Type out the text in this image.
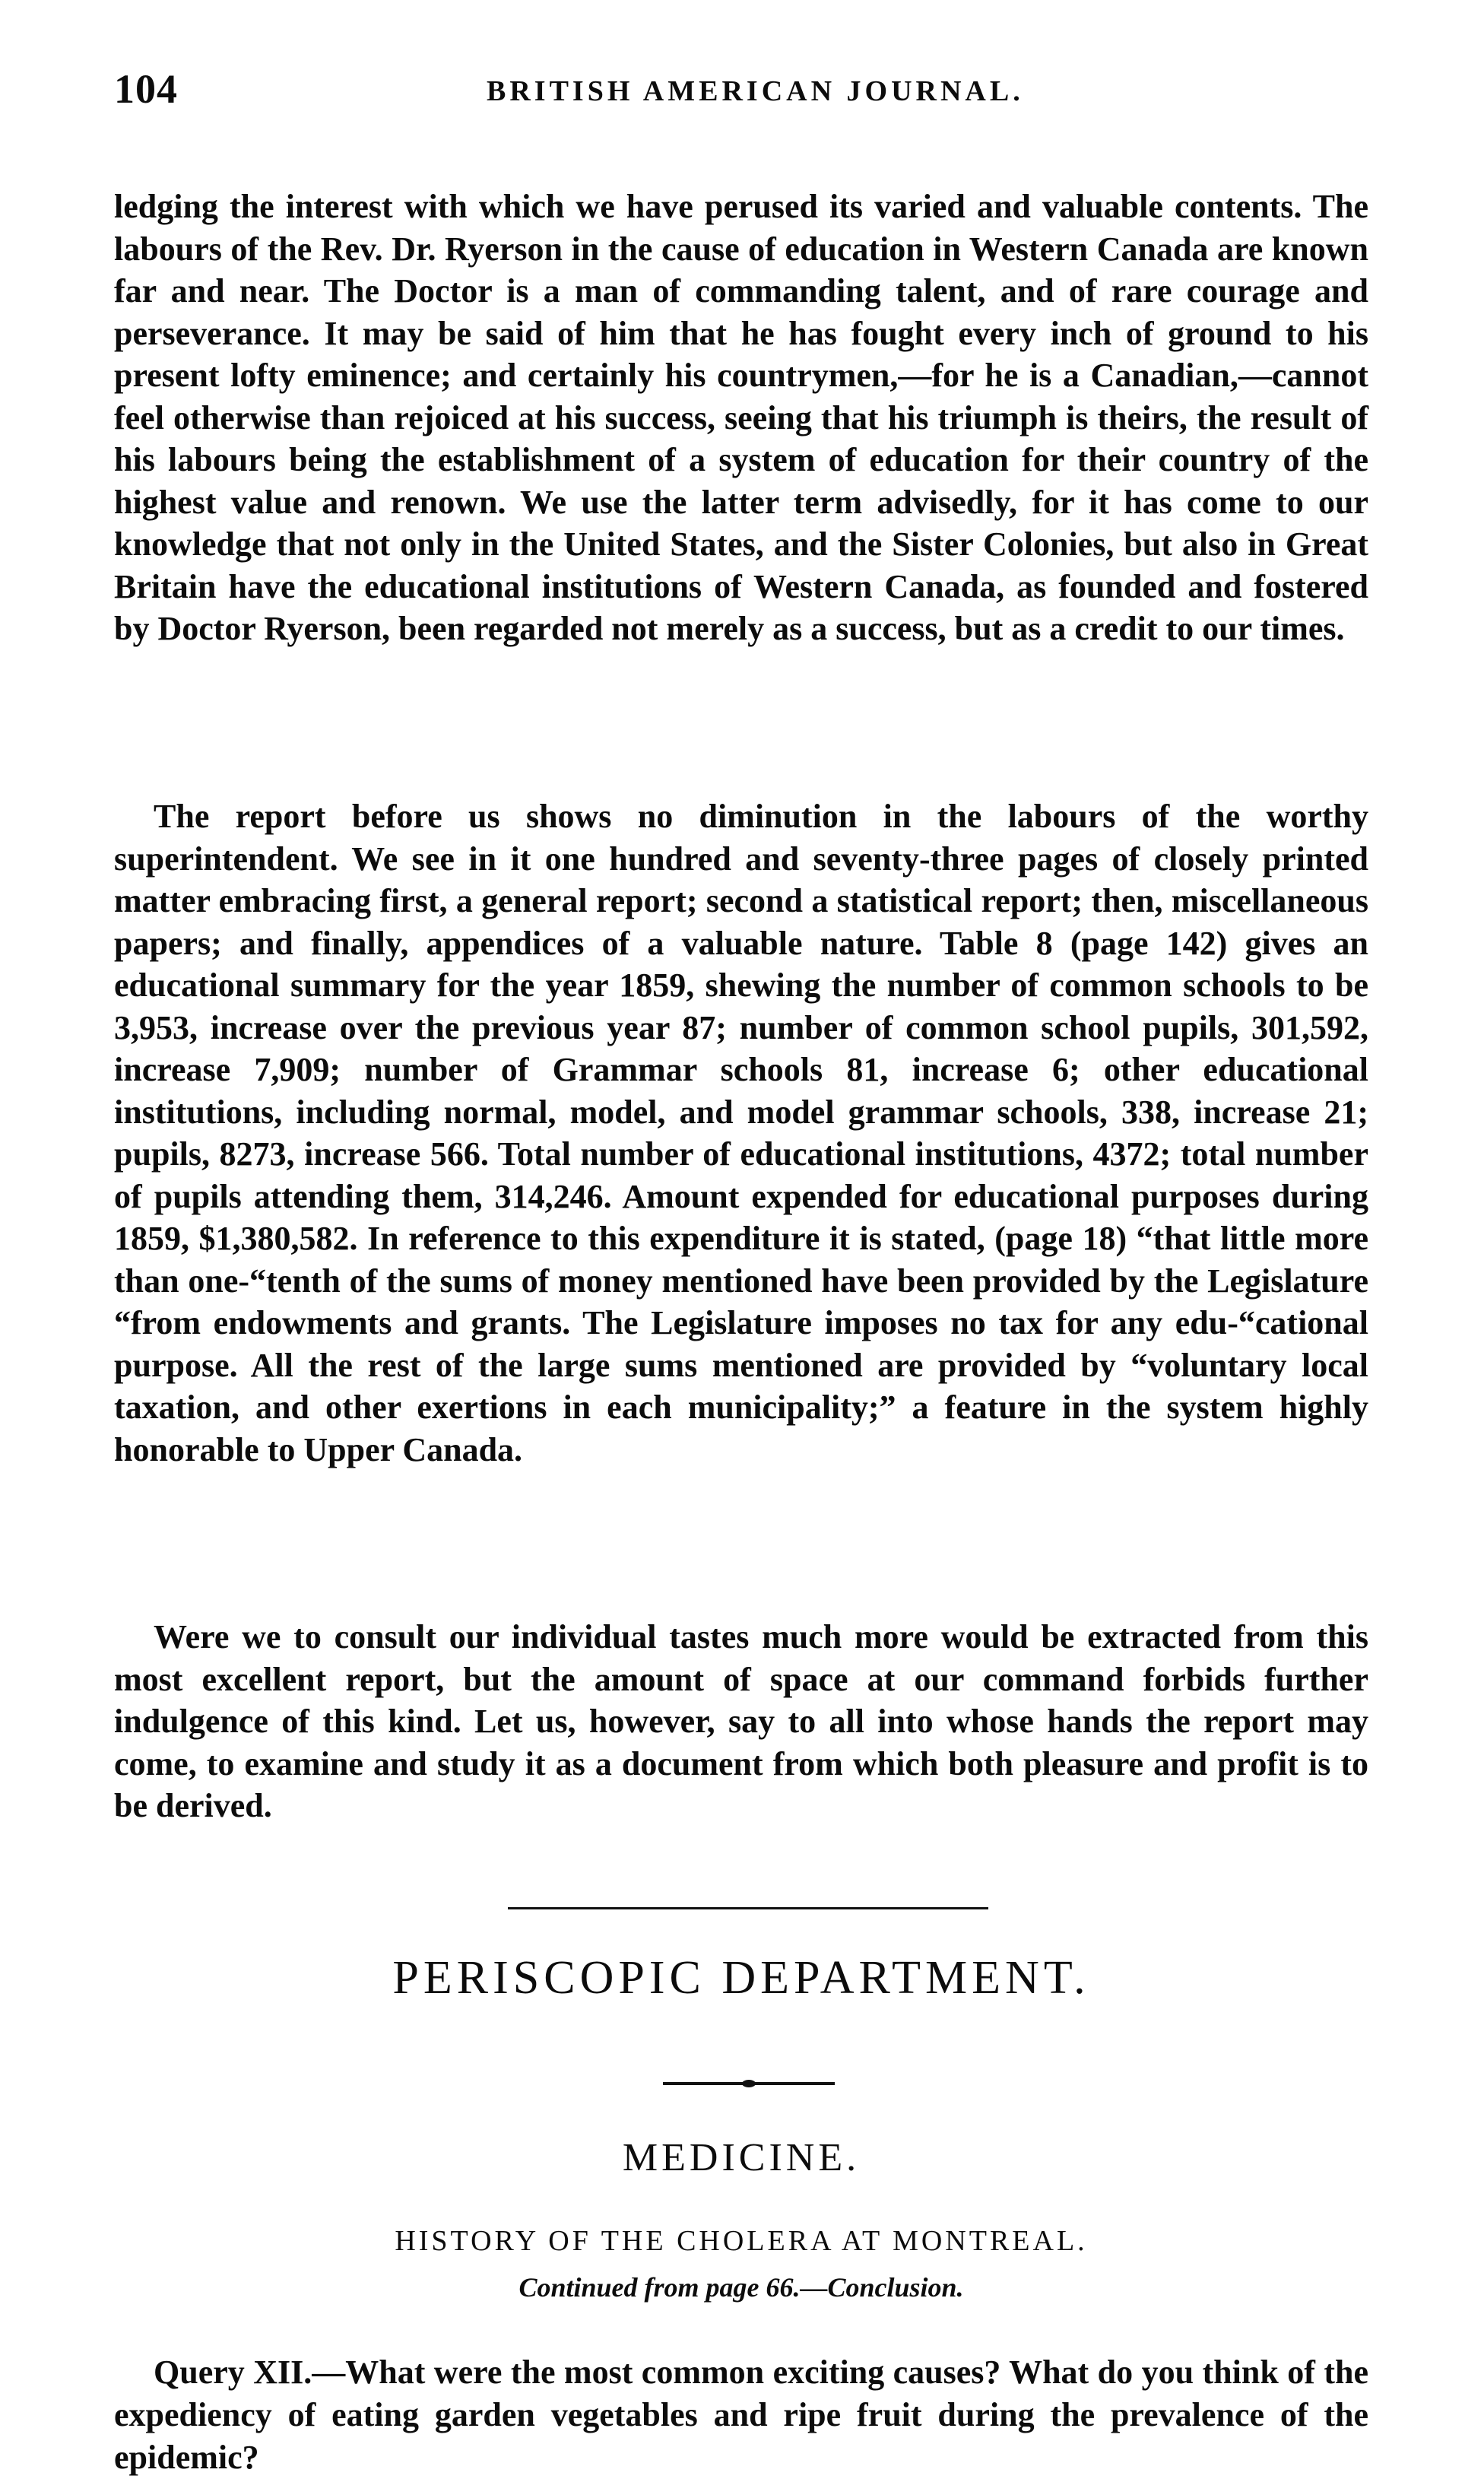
104	BRITISH AMERICAN JOURNAL.

ledging the interest with which we have perused its varied and valuable contents. The labours of the Rev. Dr. Ryerson in the cause of education in Western Canada are known far and near. The Doctor is a man of commanding talent, and of rare courage and perseverance. It may be said of him that he has fought every inch of ground to his present lofty eminence; and certainly his countrymen,—for he is a Canadian,—cannot feel otherwise than rejoiced at his success, seeing that his triumph is theirs, the result of his labours being the establishment of a system of education for their country of the highest value and renown. We use the latter term advisedly, for it has come to our knowledge that not only in the United States, and the Sister Colonies, but also in Great Britain have the educational institutions of Western Canada, as founded and fostered by Doctor Ryerson, been regarded not merely as a success, but as a credit to our times.

The report before us shows no diminution in the labours of the worthy superintendent. We see in it one hundred and seventy-three pages of closely printed matter embracing first, a general report; second a statistical report; then, miscellaneous papers; and finally, appendices of a valuable nature. Table 8 (page 142) gives an educational summary for the year 1859, shewing the number of common schools to be 3,953, increase over the previous year 87; number of common school pupils, 301,592, increase 7,909; number of Grammar schools 81, increase 6; other educational institutions, including normal, model, and model grammar schools, 338, increase 21; pupils, 8273, increase 566. Total number of educational institutions, 4372; total number of pupils attending them, 314,246. Amount expended for educational purposes during 1859, $1,380,582. In reference to this expenditure it is stated, (page 18) “that little more than one-“tenth of the sums of money mentioned have been provided by the Legislature “from endowments and grants. The Legislature imposes no tax for any edu-“cational purpose. All the rest of the large sums mentioned are provided by “voluntary local taxation, and other exertions in each municipality;” a feature in the system highly honorable to Upper Canada.

Were we to consult our individual tastes much more would be extracted from this most excellent report, but the amount of space at our command forbids further indulgence of this kind. Let us, however, say to all into whose hands the report may come, to examine and study it as a document from which both pleasure and profit is to be derived.

PERISCOPIC DEPARTMENT.
MEDICINE.
HISTORY OF THE CHOLERA AT MONTREAL.
Continued from page 66.—Conclusion.

Query XII.—What were the most common exciting causes? What do you think of the expediency of eating garden vegetables and ripe fruit during the prevalence of the epidemic?
